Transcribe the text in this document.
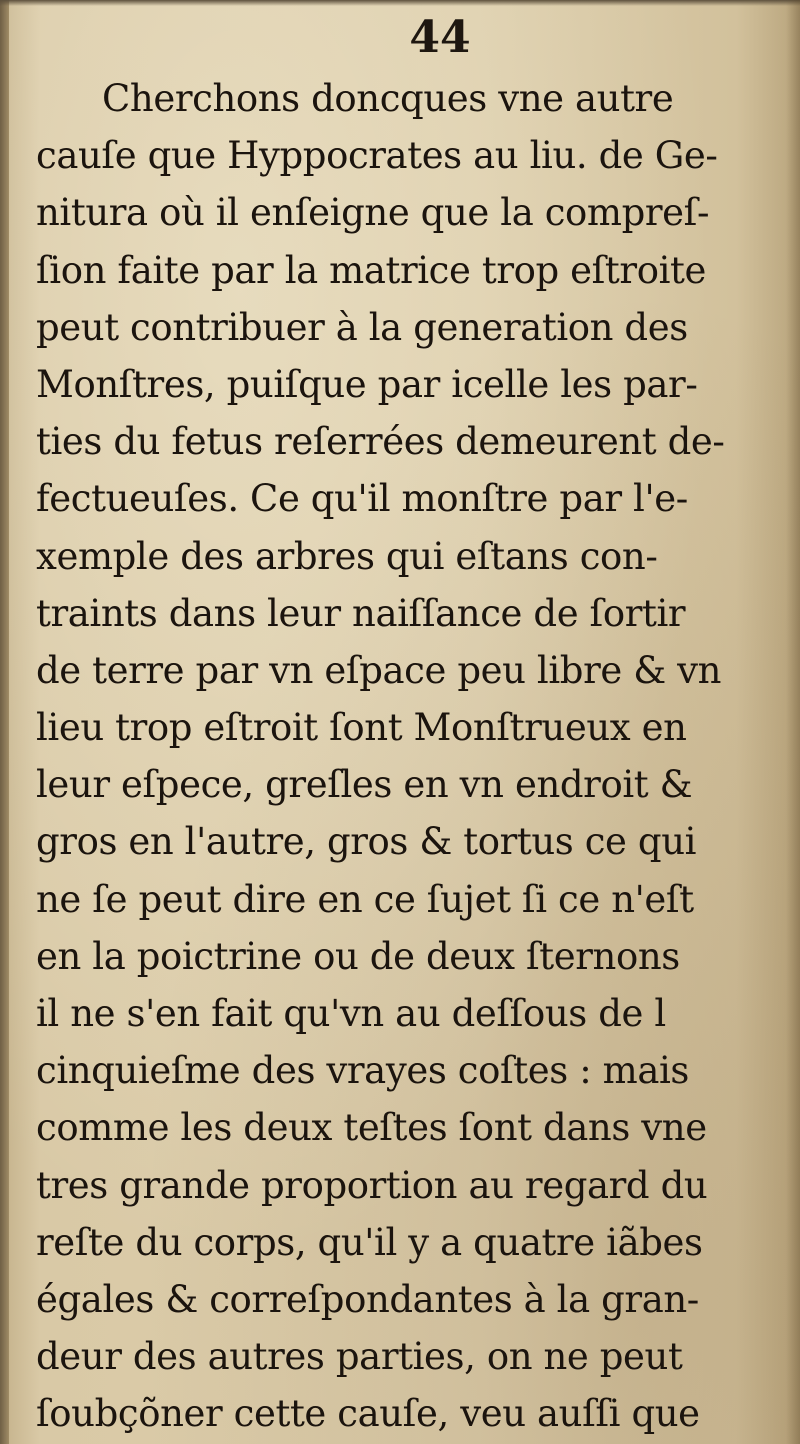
44
Cherchons doncques vne autre
cauſe que Hyppocrates au liu. de Ge-
nitura où il enſeigne que la compreſ-
ſion faite par la matrice trop eſtroite
peut contribuer à la generation des
Monſtres, puiſque par icelle les par-
ties du fetus reſerrées demeurent de-
fectueuſes. Ce qu'il monſtre par l'e-
xemple des arbres qui eſtans con-
traints dans leur naiſſance de ſortir
de terre par vn eſpace peu libre & vn
lieu trop eſtroit ſont Monſtrueux en
leur eſpece, greſles en vn endroit &
gros en l'autre, gros & tortus ce qui
ne ſe peut dire en ce ſujet ſi ce n'eſt
en la poictrine ou de deux ſternons
il ne s'en fait qu'vn au deſſous de l
cinquieſme des vrayes coſtes : mais
comme les deux teſtes ſont dans vne
tres grande proportion au regard du
reſte du corps, qu'il y a quatre iãbes
égales & correſpondantes à la gran-
deur des autres parties, on ne peut
ſoubçõner cette cauſe, veu auſſi que
